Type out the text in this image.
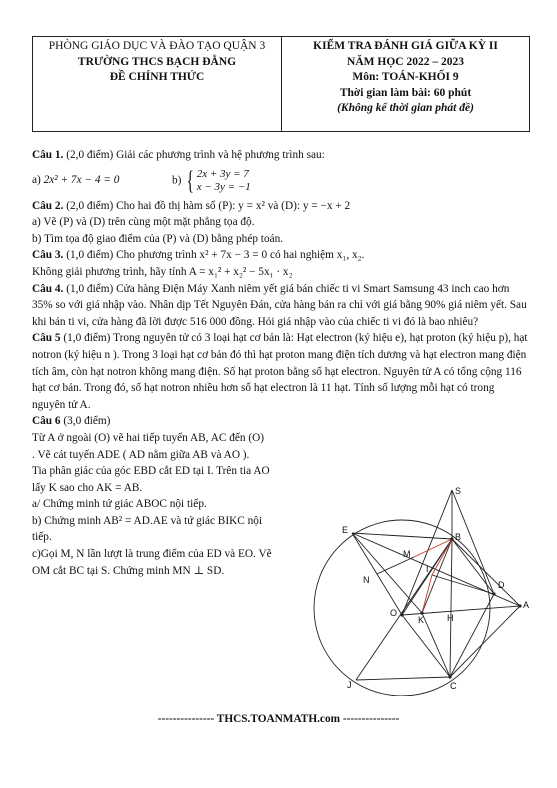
PHÒNG GIÁO DỤC VÀ ĐÀO TẠO QUẬN 3
TRƯỜNG THCS BẠCH ĐẰNG
ĐỀ CHÍNH THỨC
KIỂM TRA ĐÁNH GIÁ GIỮA KỲ II
NĂM HỌC 2022 – 2023
Môn: TOÁN-KHỐI 9
Thời gian làm bài: 60 phút
(Không kể thời gian phát đề)

Câu 1. (2,0 điểm) Giải các phương trình và hệ phương trình sau:

a) 2x² + 7x − 4 = 0	b) { 2x + 3y = 7
x − 3y = −1

Câu 2. (2,0 điểm) Cho hai đồ thị hàm số (P): y = x² và (D): y = −x + 2

a) Vẽ (P) và (D) trên cùng một mặt phẳng tọa độ.

b) Tìm tọa độ giao điểm của (P) và (D) bằng phép toán.

Câu 3. (1,0 điểm) Cho phương trình x² + 7x − 3 = 0 có hai nghiệm x₁, x₂.

Không giải phương trình, hãy tính A = x₁² + x₂² − 5x₁ · x₂

Câu 4. (1,0 điểm) Cửa hàng Điện Máy Xanh niêm yết giá bán chiếc ti vi Smart Samsung 43 inch cao hơn 35% so với giá nhập vào. Nhân dịp Tết Nguyên Đán, cửa hàng bán ra chỉ với giá bằng 90% giá niêm yết. Sau khi bán ti vi, cửa hàng đã lời được 516 000 đồng. Hỏi giá nhập vào của chiếc ti vi đó là bao nhiêu?

Câu 5 (1,0 điểm) Trong nguyên tử có 3 loại hạt cơ bản là: Hạt electron (ký hiệu e), hạt proton (ký hiệu p), hạt notron (ký hiệu n ). Trong 3 loại hạt cơ bản đó thì hạt proton mang điện tích dương và hạt electron mang điện tích âm, còn hạt notron không mang điện. Số hạt proton bằng số hạt electron. Nguyên tử A có tổng cộng 116 hạt cơ bản. Trong đó, số hạt notron nhiều hơn số hạt electron là 11 hạt. Tính số lượng mỗi hạt có trong nguyên tử A.

Câu 6 (3,0 điểm)

Từ A ở ngoài (O) vẽ hai tiếp tuyến AB, AC đến (O)

. Vẽ cát tuyến ADE ( AD nằm giữa AB và AO ).

Tia phân giác của góc EBD cắt ED tại I. Trên tia AO

lấy K sao cho AK = AB.

a/ Chứng minh tứ giác ABOC nội tiếp.

b) Chứng minh AB² = AD.AE và tứ giác BIKC nội

tiếp.

c)Gọi M, N lần lượt là trung điểm của ED và EO. Vẽ

OM cắt BC tại S. Chứng minh MN ⊥ SD.

S
E
B
M
I
N
O
K	H
D
A
C
J
--------------- THCS.TOANMATH.com ---------------
